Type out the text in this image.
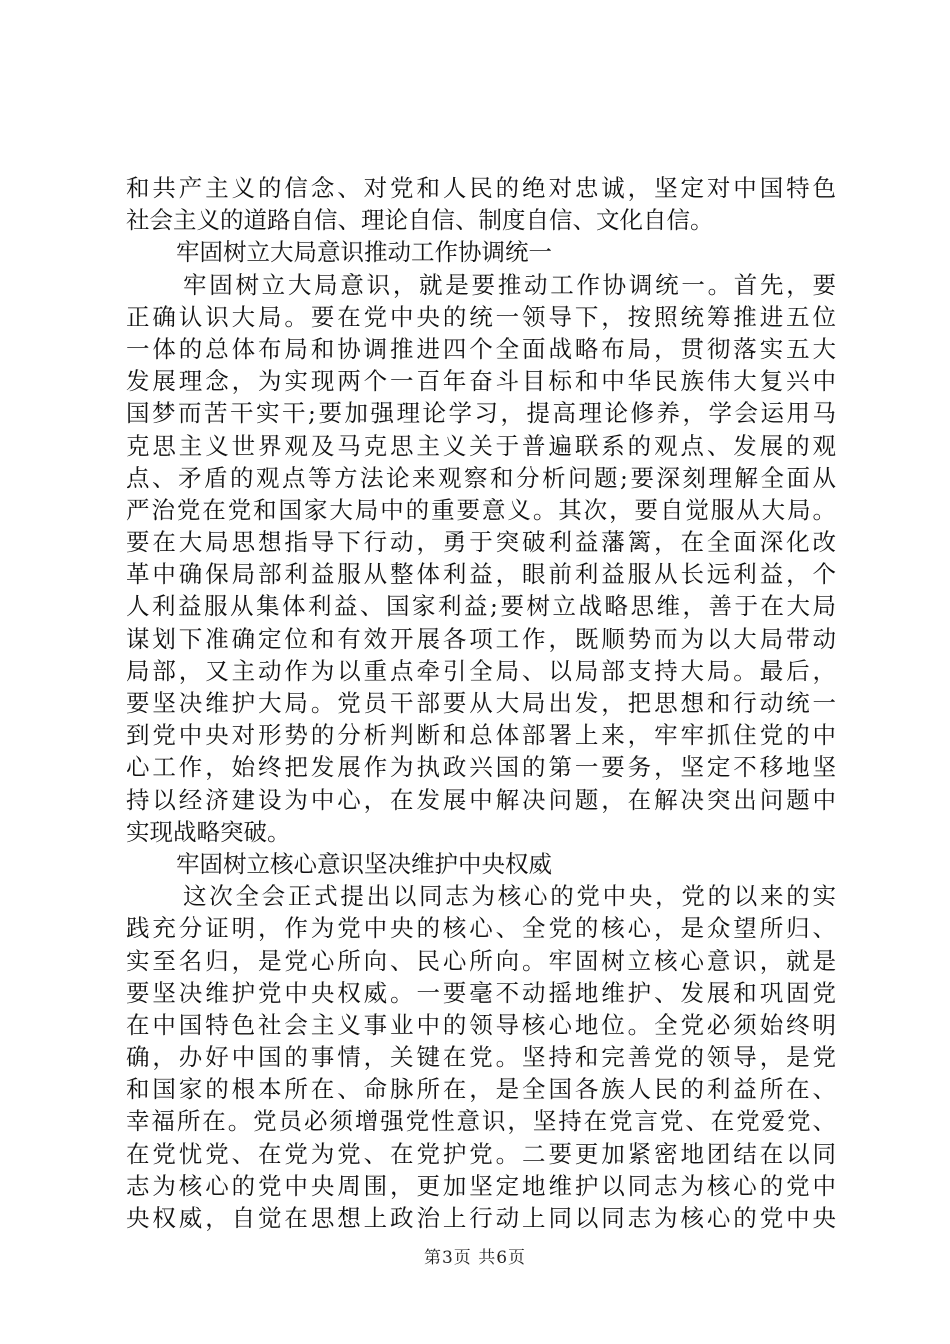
和共产主义的信念、对党和人民的绝对忠诚，坚定对中国特色
社会主义的道路自信、理论自信、制度自信、文化自信。
牢固树立大局意识推动工作协调统一
牢固树立大局意识，就是要推动工作协调统一。首先，要
正确认识大局。要在党中央的统一领导下，按照统筹推进五位
一体的总体布局和协调推进四个全面战略布局，贯彻落实五大
发展理念，为实现两个一百年奋斗目标和中华民族伟大复兴中
国梦而苦干实干;要加强理论学习，提高理论修养，学会运用马
克思主义世界观及马克思主义关于普遍联系的观点、发展的观
点、矛盾的观点等方法论来观察和分析问题;要深刻理解全面从
严治党在党和国家大局中的重要意义。其次，要自觉服从大局。
要在大局思想指导下行动，勇于突破利益藩篱，在全面深化改
革中确保局部利益服从整体利益，眼前利益服从长远利益，个
人利益服从集体利益、国家利益;要树立战略思维，善于在大局
谋划下准确定位和有效开展各项工作，既顺势而为以大局带动
局部，又主动作为以重点牵引全局、以局部支持大局。最后，
要坚决维护大局。党员干部要从大局出发，把思想和行动统一
到党中央对形势的分析判断和总体部署上来，牢牢抓住党的中
心工作，始终把发展作为执政兴国的第一要务，坚定不移地坚
持以经济建设为中心，在发展中解决问题，在解决突出问题中
实现战略突破。
牢固树立核心意识坚决维护中央权威
这次全会正式提出以同志为核心的党中央，党的以来的实
践充分证明，作为党中央的核心、全党的核心，是众望所归、
实至名归，是党心所向、民心所向。牢固树立核心意识，就是
要坚决维护党中央权威。一要毫不动摇地维护、发展和巩固党
在中国特色社会主义事业中的领导核心地位。全党必须始终明
确，办好中国的事情，关键在党。坚持和完善党的领导，是党
和国家的根本所在、命脉所在，是全国各族人民的利益所在、
幸福所在。党员必须增强党性意识，坚持在党言党、在党爱党、
在党忧党、在党为党、在党护党。二要更加紧密地团结在以同
志为核心的党中央周围，更加坚定地维护以同志为核心的党中
央权威，自觉在思想上政治上行动上同以同志为核心的党中央
第3页 共6页
